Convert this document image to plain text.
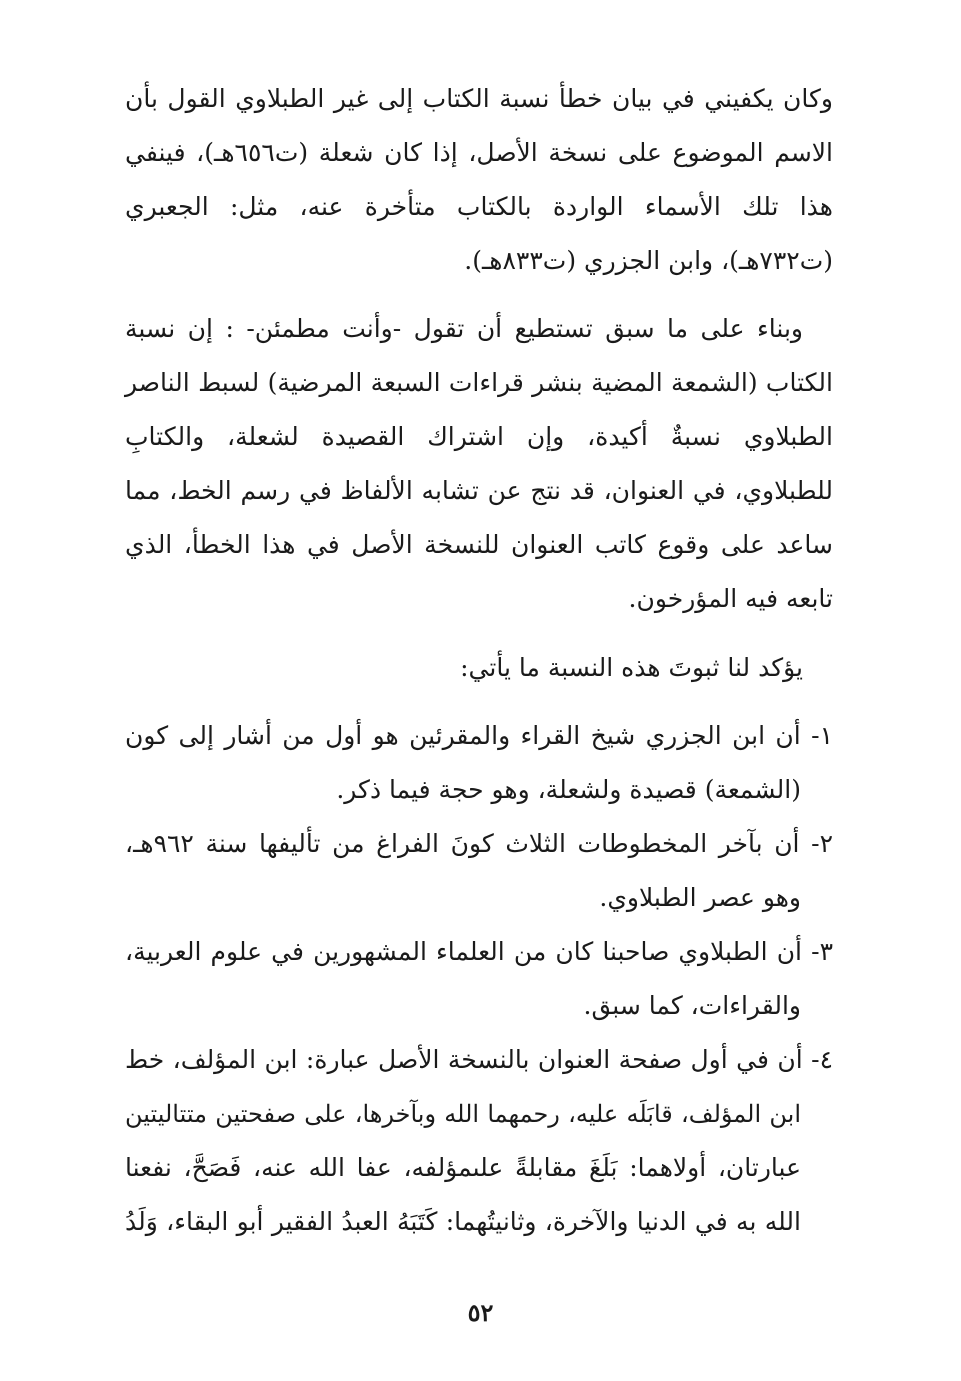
وكان يكفيني في بيان خطأ نسبة الكتاب إلى غير الطبلاوي القول بأن
الاسم الموضوع على نسخة الأصل، إذا كان شعلة (ت٦٥٦هـ)، فينفي
هذا تلك الأسماء الواردة بالكتاب متأخرة عنه، مثل: الجعبري
(ت٧٣٢هـ)، وابن الجزري (ت٨٣٣هـ).
وبناء على ما سبق تستطيع أن تقول -وأنت مطمئن- : إن نسبة
الكتاب (الشمعة المضية بنشر قراءات السبعة المرضية) لسبط الناصر
الطبلاوي نسبةٌ أكيدة، وإن اشتراك القصيدة لشعلة، والكتابِ
للطبلاوي، في العنوان، قد نتج عن تشابه الألفاظ في رسم الخط، مما
ساعد على وقوع كاتب العنوان للنسخة الأصل في هذا الخطأ، الذي
تابعه فيه المؤرخون.
يؤكد لنا ثبوتَ هذه النسبة ما يأتي:
١- أن ابن الجزري شيخ القراء والمقرئين هو أول من أشار إلى كون
(الشمعة) قصيدة ولشعلة، وهو حجة فيما ذكر.
٢- أن بآخر المخطوطات الثلاث كونَ الفراغ من تأليفها سنة ٩٦٢هـ،
وهو عصر الطبلاوي.
٣- أن الطبلاوي صاحبنا كان من العلماء المشهورين في علوم العربية،
والقراءات، كما سبق.
٤- أن في أول صفحة العنوان بالنسخة الأصل عبارة: ابن المؤلف، خط
ابن المؤلف، قابَلَه عليه، رحمهما الله وبآخرها، على صفحتين متتاليتين
عبارتان، أولاهما: بَلَغَ مقابلةً علىمؤلفه، عفا الله عنه، فَصَحَّ، نفعنا
الله به في الدنيا والآخرة، وثانيتُهما: كَتَبَهُ العبدُ الفقير أبو البقاء، وَلَدُ
٥٢
